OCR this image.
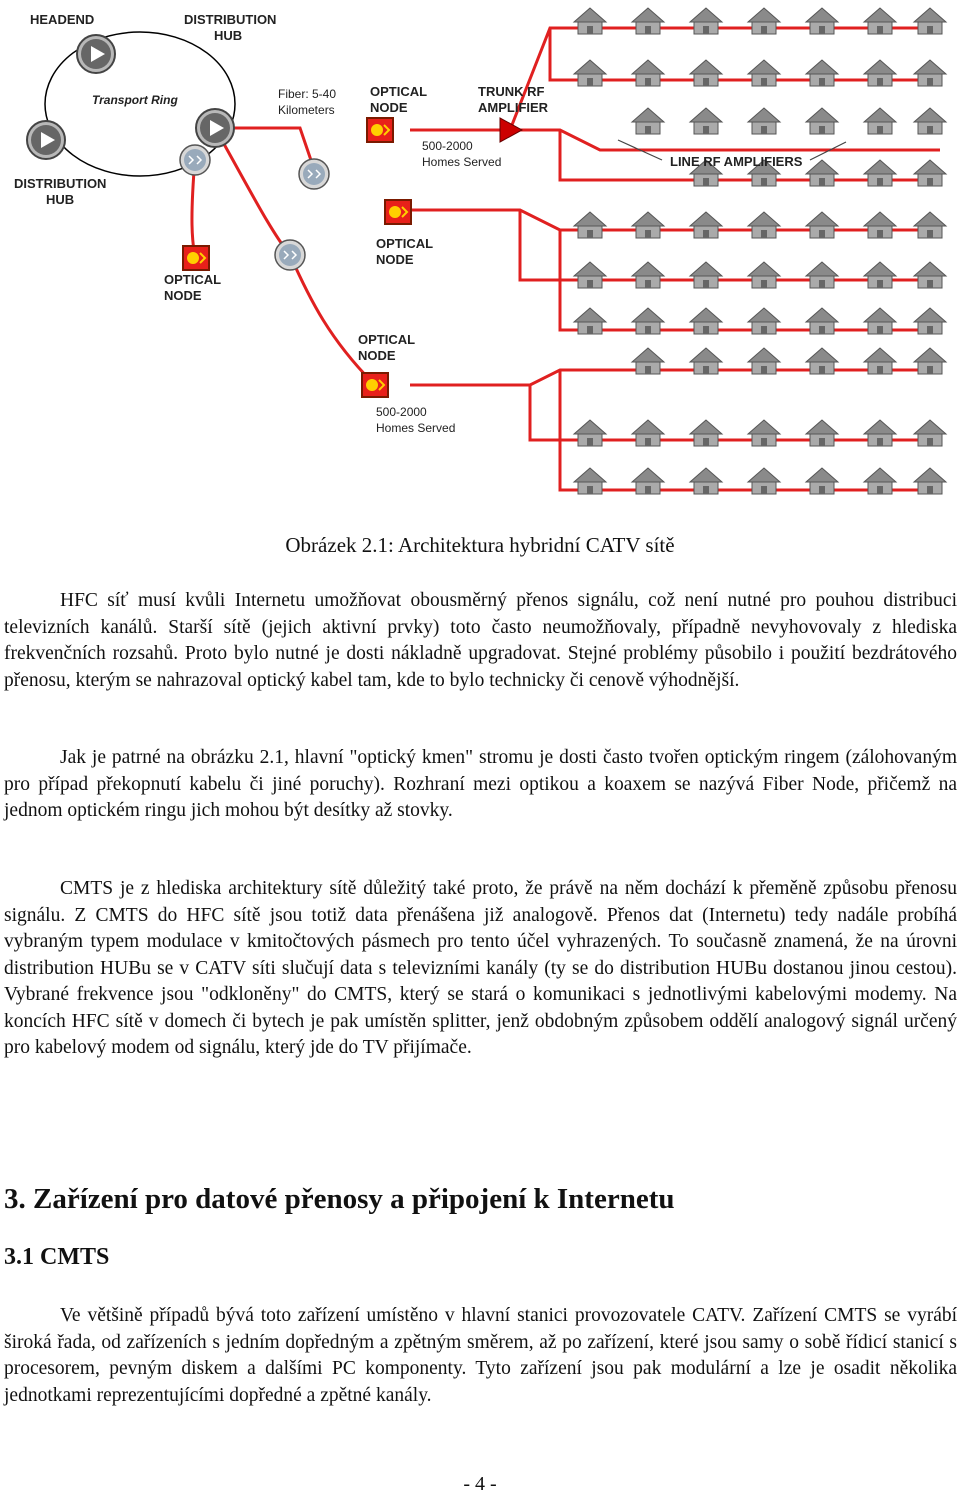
HEADEND	DISTRIBUTION
HUB
Transport Ring	Fiber: 5-40
Kilometers
OPTICAL
NODE
TRUNK RF
AMPLIFIER
500-2000
Homes Served	LINE RF AMPLIFIERS
DISTRIBUTION
HUB
OPTICAL
NODE
OPTICAL
NODE
OPTICAL
NODE
500-2000
Homes Served
Obrázek 2.1: Architektura hybridní CATV sítě

HFC síť musí kvůli Internetu umožňovat obousměrný přenos signálu, což není nutné pro pouhou distribuci televizních kanálů. Starší sítě (jejich aktivní prvky) toto často neumožňovaly, případně nevyhovovaly z hlediska frekvenčních rozsahů. Proto bylo nutné je dosti nákladně upgradovat. Stejné problémy působilo i použití bezdrátového přenosu, kterým se nahrazoval optický kabel tam, kde to bylo technicky či cenově výhodnější.

Jak je patrné na obrázku 2.1, hlavní "optický kmen" stromu je dosti často tvořen optickým ringem (zálohovaným pro případ překopnutí kabelu či jiné poruchy). Rozhraní mezi optikou a koaxem se nazývá Fiber Node, přičemž na jednom optickém ringu jich mohou být desítky až stovky.

CMTS je z hlediska architektury sítě důležitý také proto, že právě na něm dochází k přeměně způsobu přenosu signálu. Z CMTS do HFC sítě jsou totiž data přenášena již analogově. Přenos dat (Internetu) tedy nadále probíhá vybraným typem modulace v kmitočtových pásmech pro tento účel vyhrazených. To současně znamená, že na úrovni distribution HUBu se v CATV síti slučují data s televizními kanály (ty se do distribution HUBu dostanou jinou cestou). Vybrané frekvence jsou "odkloněny" do CMTS, který se stará o komunikaci s jednotlivými kabelovými modemy. Na koncích HFC sítě v domech či bytech je pak umístěn splitter, jenž obdobným způsobem oddělí analogový signál určený pro kabelový modem od signálu, který jde do TV přijímače.

3. Zařízení pro datové přenosy a připojení k Internetu
3.1 CMTS

Ve většině případů bývá toto zařízení umístěno v hlavní stanici provozovatele CATV. Zařízení CMTS se vyrábí široká řada, od zařízeních s jedním dopředným a zpětným směrem, až po zařízení, které jsou samy o sobě řídicí stanicí s procesorem, pevným diskem a dalšími PC komponenty. Tyto zařízení jsou pak modulární a lze je osadit několika jednotkami reprezentujícími dopředné a zpětné kanály.

- 4 -
